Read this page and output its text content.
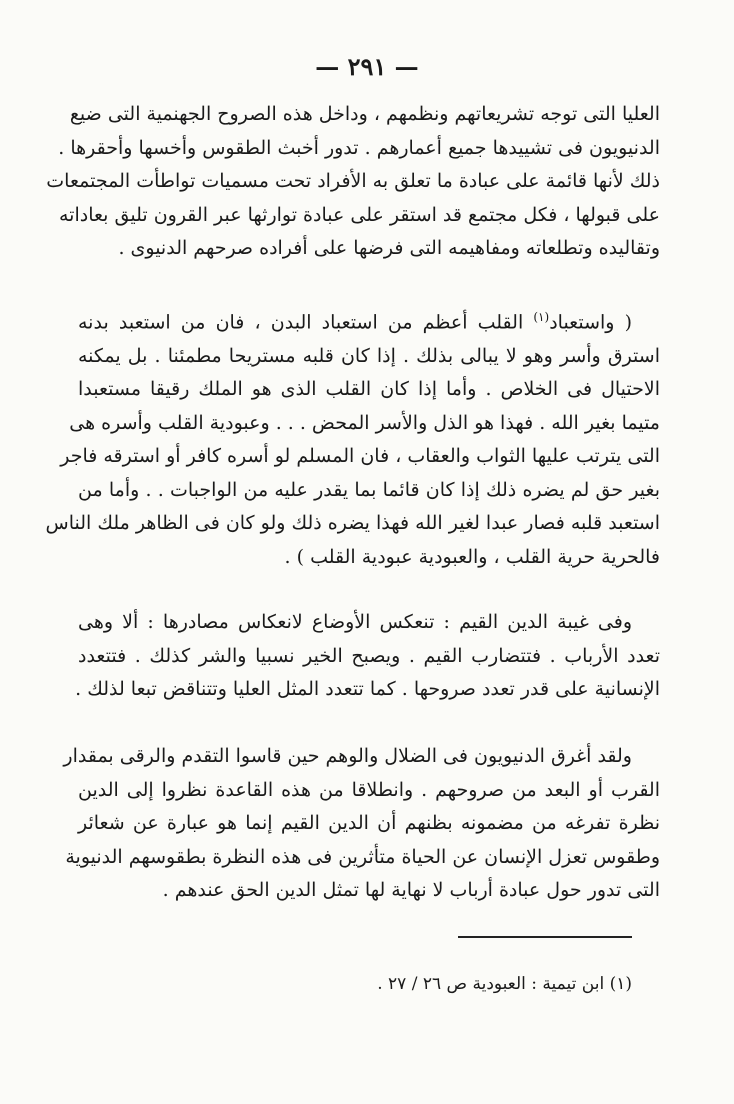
— ٢٩١ —
العليا التى توجه تشريعاتهم ونظمهم ، وداخل هذه الصروح الجهنمية التى ضيع
الدنيويون فى تشييدها جميع أعمارهم . تدور أخبث الطقوس وأخسها وأحقرها .
ذلك لأنها قائمة على عبادة ما تعلق به الأفراد تحت مسميات تواطأت المجتمعات
على قبولها ، فكل مجتمع قد استقر على عبادة توارثها عبر القرون تليق بعاداته
وتقاليده وتطلعاته ومفاهيمه التى فرضها على أفراده صرحهم الدنيوى .
( واستعباد$^{(١)}$ القلب أعظم من استعباد البدن ، فان من استعبد بدنه
استرق وأسر وهو لا يبالى بذلك . إذا كان قلبه مستريحا مطمئنا . بل يمكنه
الاحتيال فى الخلاص . وأما إذا كان القلب الذى هو الملك رقيقا مستعبدا
متيما بغير الله . فهذا هو الذل والأسر المحض . . . وعبودية القلب وأسره هى
التى يترتب عليها الثواب والعقاب ، فان المسلم لو أسره كافر أو استرقه فاجر
بغير حق لم يضره ذلك إذا كان قائما بما يقدر عليه من الواجبات . . وأما من
استعبد قلبه فصار عبدا لغير الله فهذا يضره ذلك ولو كان فى الظاهر ملك الناس
فالحرية حرية القلب ، والعبودية عبودية القلب ) .
وفى غيبة الدين القيم : تنعكس الأوضاع لانعكاس مصادرها : ألا وهى
تعدد الأرباب . فتتضارب القيم . ويصبح الخير نسبيا والشر كذلك . فتتعدد
الإنسانية على قدر تعدد صروحها . كما تتعدد المثل العليا وتتناقض تبعا لذلك .
ولقد أغرق الدنيويون فى الضلال والوهم حين قاسوا التقدم والرقى بمقدار
القرب أو البعد من صروحهم . وانطلاقا من هذه القاعدة نظروا إلى الدين
نظرة تفرغه من مضمونه بظنهم أن الدين القيم إنما هو عبارة عن شعائر
وطقوس تعزل الإنسان عن الحياة متأثرين فى هذه النظرة بطقوسهم الدنيوية
التى تدور حول عبادة أرباب لا نهاية لها تمثل الدين الحق عندهم .
(١) ابن تيمية : العبودية ص ٢٦ / ٢٧ .
